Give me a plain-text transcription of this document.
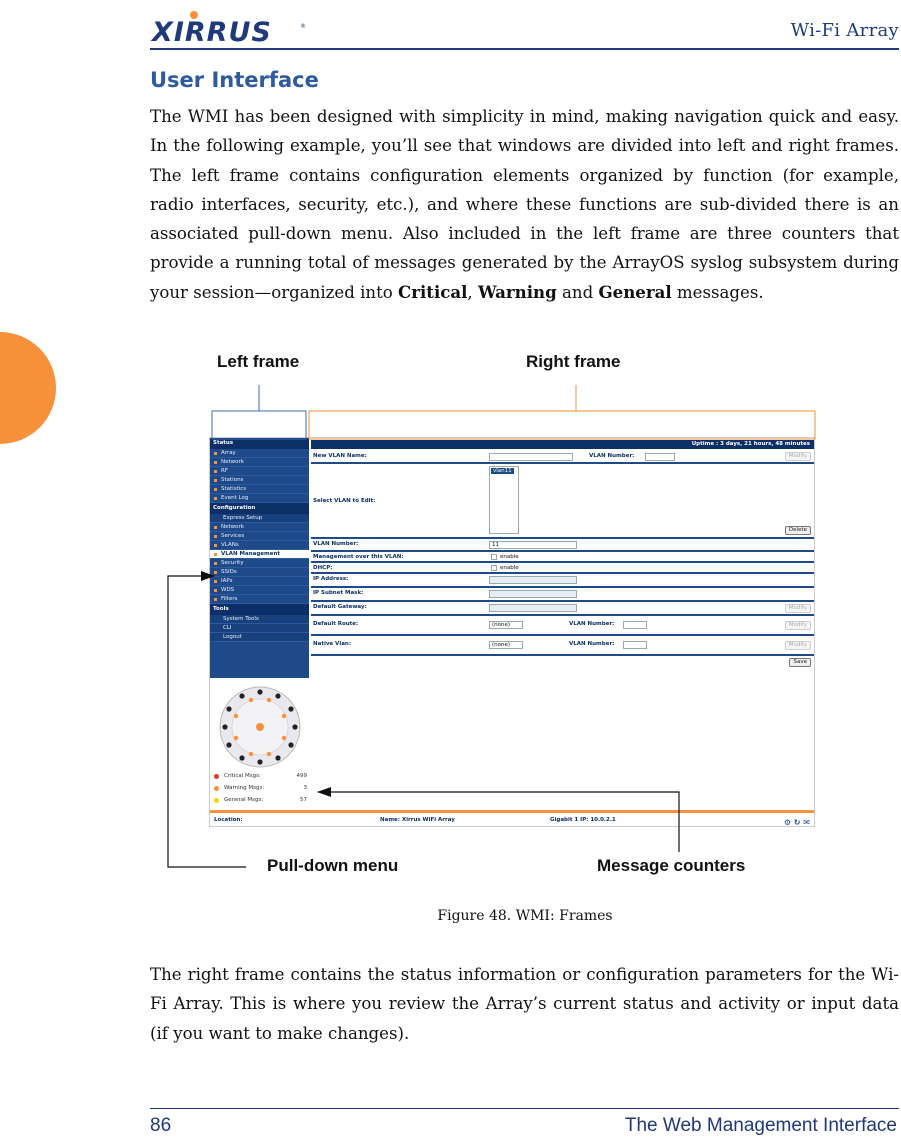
XIRRUS	®	Wi-Fi Array
User Interface
The WMI has been designed with simplicity in mind, making navigation quick and easy. In the following example, you’ll see that windows are divided into left and right frames. The left frame contains configuration elements organized by function (for example, radio interfaces, security, etc.), and where these functions are sub-divided there is an associated pull-down menu. Also included in the left frame are three counters that provide a running total of messages generated by the ArrayOS syslog subsystem during your session—organized into Critical, Warning and General messages.
Left frame	Right frame
Pull-down menu	Message counters
Status
Array
Network
RF
Stations
Statistics
Event Log
Configuration
Express Setup
Network
Services
VLANs
VLAN Management
Security
SSIDs
IAPs
WDS
Filters
Tools
System Tools
CLI
Logout
Critical Msgs:	499
Warning Msgs:	3
General Msgs:	57
Uptime : 3 days, 21 hours, 48 minutes
New VLAN Name:	VLAN Number:	Modify
Select VLAN to Edit:
vlan11
Delete
VLAN Number:	11
Management over this VLAN:	enable
DHCP:	enable
IP Address:
IP Subnet Mask:
Default Gateway:	Modify
Default Route:	(none)	VLAN Number:	Modify
Native Vlan:	(none)	VLAN Number:	Modify
Save
Location:	Name: Xirrus WiFi Array	Gigabit 1 IP: 10.0.2.1	⚙ ↻ ✉
Figure 48. WMI: Frames
The right frame contains the status information or configuration parameters for the Wi-Fi Array. This is where you review the Array’s current status and activity or input data (if you want to make changes).
86	The Web Management Interface
